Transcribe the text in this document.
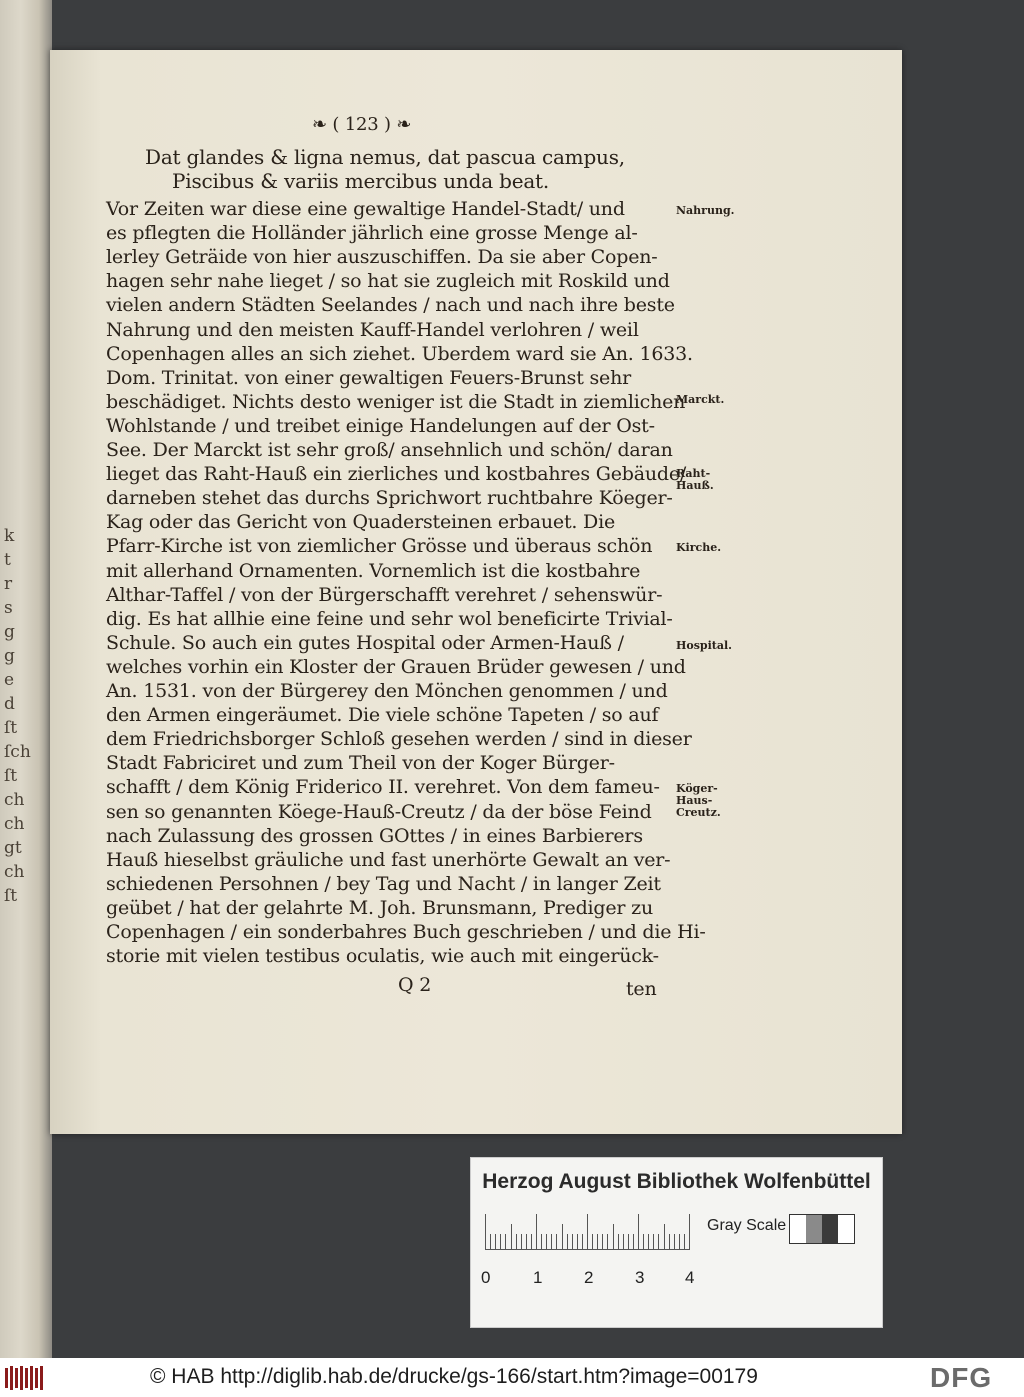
k
t
r
s
g
g
e
d
ſt
ſch
ſt
ch
ch
gt
ch
ſt
❧ ( 123 ) ❧
Dat glandes & ligna nemus, dat pascua campus,
Piscibus & variis mercibus unda beat.
Vor Zeiten war diese eine gewaltige Handel-Stadt/ und
es pflegten die Holländer jährlich eine grosse Menge al-
lerley Geträide von hier auszuschiffen. Da sie aber Copen-
hagen sehr nahe lieget / so hat sie zugleich mit Roskild und
vielen andern Städten Seelandes / nach und nach ihre beste
Nahrung und den meisten Kauff-Handel verlohren / weil
Copenhagen alles an sich ziehet. Uberdem ward sie An. 1633.
Dom. Trinitat. von einer gewaltigen Feuers-Brunst sehr
beschädiget. Nichts desto weniger ist die Stadt in ziemlichen
Wohlstande / und treibet einige Handelungen auf der Ost-
See. Der Marckt ist sehr groß/ ansehnlich und schön/ daran
lieget das Raht-Hauß ein zierliches und kostbahres Gebäude/
darneben stehet das durchs Sprichwort ruchtbahre Köeger-
Kag oder das Gericht von Quadersteinen erbauet. Die
Pfarr-Kirche ist von ziemlicher Grösse und überaus schön
mit allerhand Ornamenten. Vornemlich ist die kostbahre
Althar-Taffel / von der Bürgerschafft verehret / sehenswür-
dig. Es hat allhie eine feine und sehr wol beneficirte Trivial-
Schule. So auch ein gutes Hospital oder Armen-Hauß /
welches vorhin ein Kloster der Grauen Brüder gewesen / und
An. 1531. von der Bürgerey den Mönchen genommen / und
den Armen eingeräumet. Die viele schöne Tapeten / so auf
dem Friedrichsborger Schloß gesehen werden / sind in dieser
Stadt Fabriciret und zum Theil von der Koger Bürger-
schafft / dem König Friderico II. verehret. Von dem fameu-
sen so genannten Köege-Hauß-Creutz / da der böse Feind
nach Zulassung des grossen GOttes / in eines Barbierers
Hauß hieselbst gräuliche und fast unerhörte Gewalt an ver-
schiedenen Persohnen / bey Tag und Nacht / in langer Zeit
geübet / hat der gelahrte M. Joh. Brunsmann, Prediger zu
Copenhagen / ein sonderbahres Buch geschrieben / und die Hi-
storie mit vielen testibus oculatis, wie auch mit eingerück-
Q 2	ten
Nahrung.
Marckt.
Raht-
Hauß.
Kirche.
Hospital.
Köger-
Haus-
Creutz.
Herzog August Bibliothek Wolfenbüttel
0	1 2 3 4
Gray Scale
© HAB http://diglib.hab.de/drucke/gs-166/start.htm?image=00179	DFG
